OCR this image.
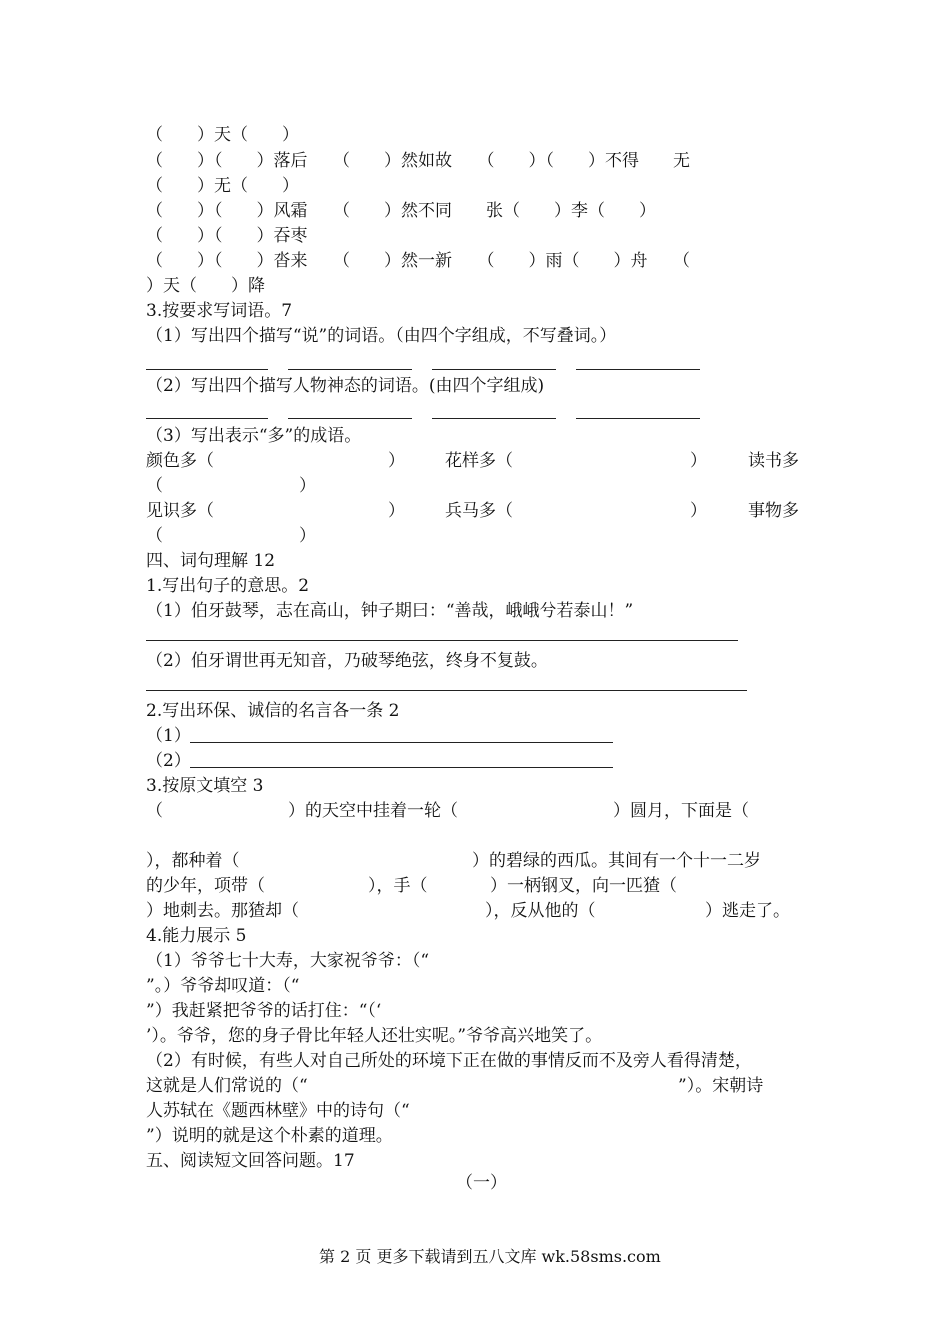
（　　）天（　　）
（　　）（　　）落后　　（　　）然如故　　（　　）（　　）不得　　无
（　　）无（　　）
（　　）（　　）风霜　　（　　）然不同　　张（　　）李（　　）
（　　）（　　）吞枣
（　　）（　　）沓来　　（　　）然一新　　（　　）雨（　　）舟　　（
）天（　　）降
3.按要求写词语。7
（1）写出四个描写“说”的词语。（由四个字组成，不写叠词。）
（2）写出四个描写人物神态的词语。(由四个字组成)
（3）写出表示“多”的成语。
颜色多（	） 花样多（	） 读书多
（　　　　　　　　）
见识多（	） 兵马多（	） 事物多
（　　　　　　　　）
四、词句理解 12
1.写出句子的意思。2
（1）伯牙鼓琴，志在高山，钟子期曰：“善哉，峨峨兮若泰山！”
（2）伯牙谓世再无知音，乃破琴绝弦，终身不复鼓。
2.写出环保、诚信的名言各一条 2
（1）
（2）
3.按原文填空 3
（	）的天空中挂着一轮（	）圆月，下面是（
），都种着（	）的碧绿的西瓜。其间有一个十一二岁
的少年，项带（	），手（	）一柄钢叉，向一匹猹（
）地刺去。那猹却（	），反从他的（	）逃走了。
4.能力展示 5
（1）爷爷七十大寿，大家祝爷爷：（“
”。）爷爷却叹道：（“
”）我赶紧把爷爷的话打住：“（‘
’）。爷爷，您的身子骨比年轻人还壮实呢。”爷爷高兴地笑了。
（2）有时候，有些人对自己所处的环境下正在做的事情反而不及旁人看得清楚，
这就是人们常说的（“	”）。宋朝诗
人苏轼在《题西林壁》中的诗句（“
”）说明的就是这个朴素的道理。
五、阅读短文回答问题。17
（一）
第 2 页 更多下载请到五八文库 wk.58sms.com
